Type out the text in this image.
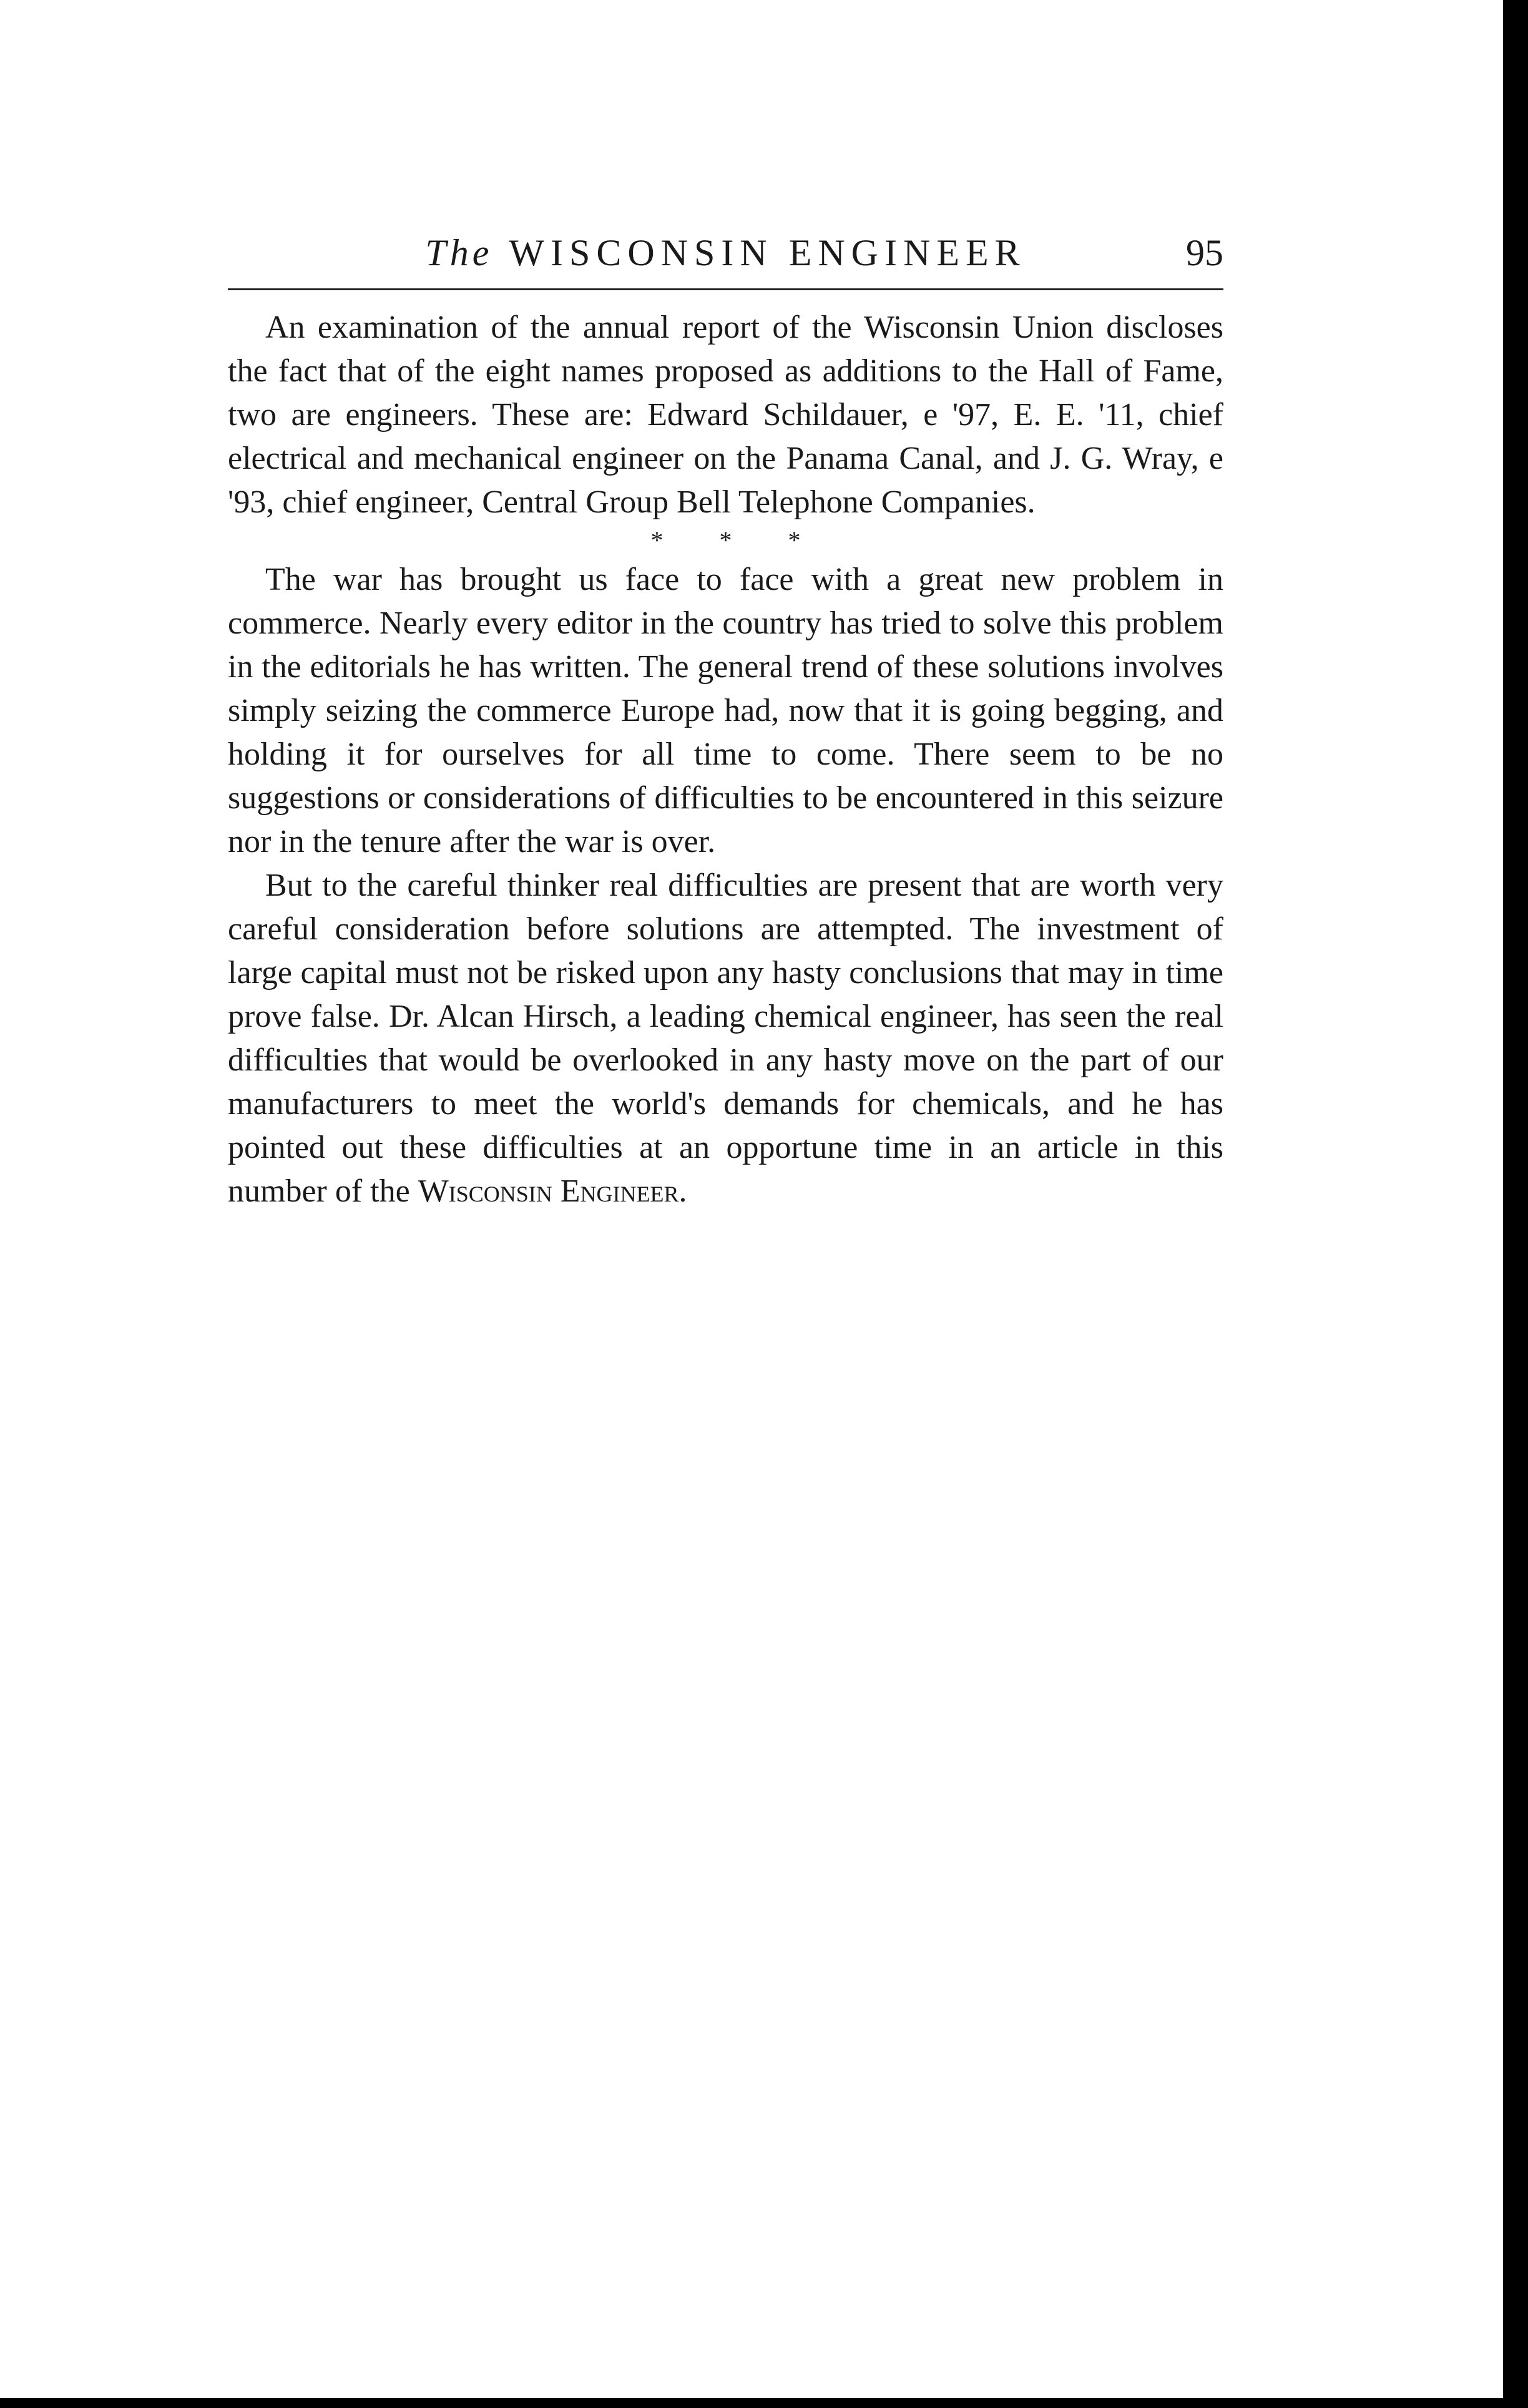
The WISCONSIN ENGINEER	95

An examination of the annual report of the Wisconsin Union discloses the fact that of the eight names proposed as additions to the Hall of Fame, two are engineers. These are: Edward Schildauer, e '97, E. E. '11, chief electrical and mechanical engineer on the Panama Canal, and J. G. Wray, e '93, chief engineer, Central Group Bell Telephone Companies.

* * *

The war has brought us face to face with a great new problem in commerce. Nearly every editor in the country has tried to solve this problem in the editorials he has written. The general trend of these solutions involves simply seizing the commerce Europe had, now that it is going begging, and holding it for ourselves for all time to come. There seem to be no suggestions or considerations of difficulties to be encountered in this seizure nor in the tenure after the war is over.

But to the careful thinker real difficulties are present that are worth very careful consideration before solutions are attempted. The investment of large capital must not be risked upon any hasty conclusions that may in time prove false. Dr. Alcan Hirsch, a leading chemical engineer, has seen the real difficulties that would be overlooked in any hasty move on the part of our manufacturers to meet the world's demands for chemicals, and he has pointed out these difficulties at an opportune time in an article in this number of the Wisconsin Engineer.
